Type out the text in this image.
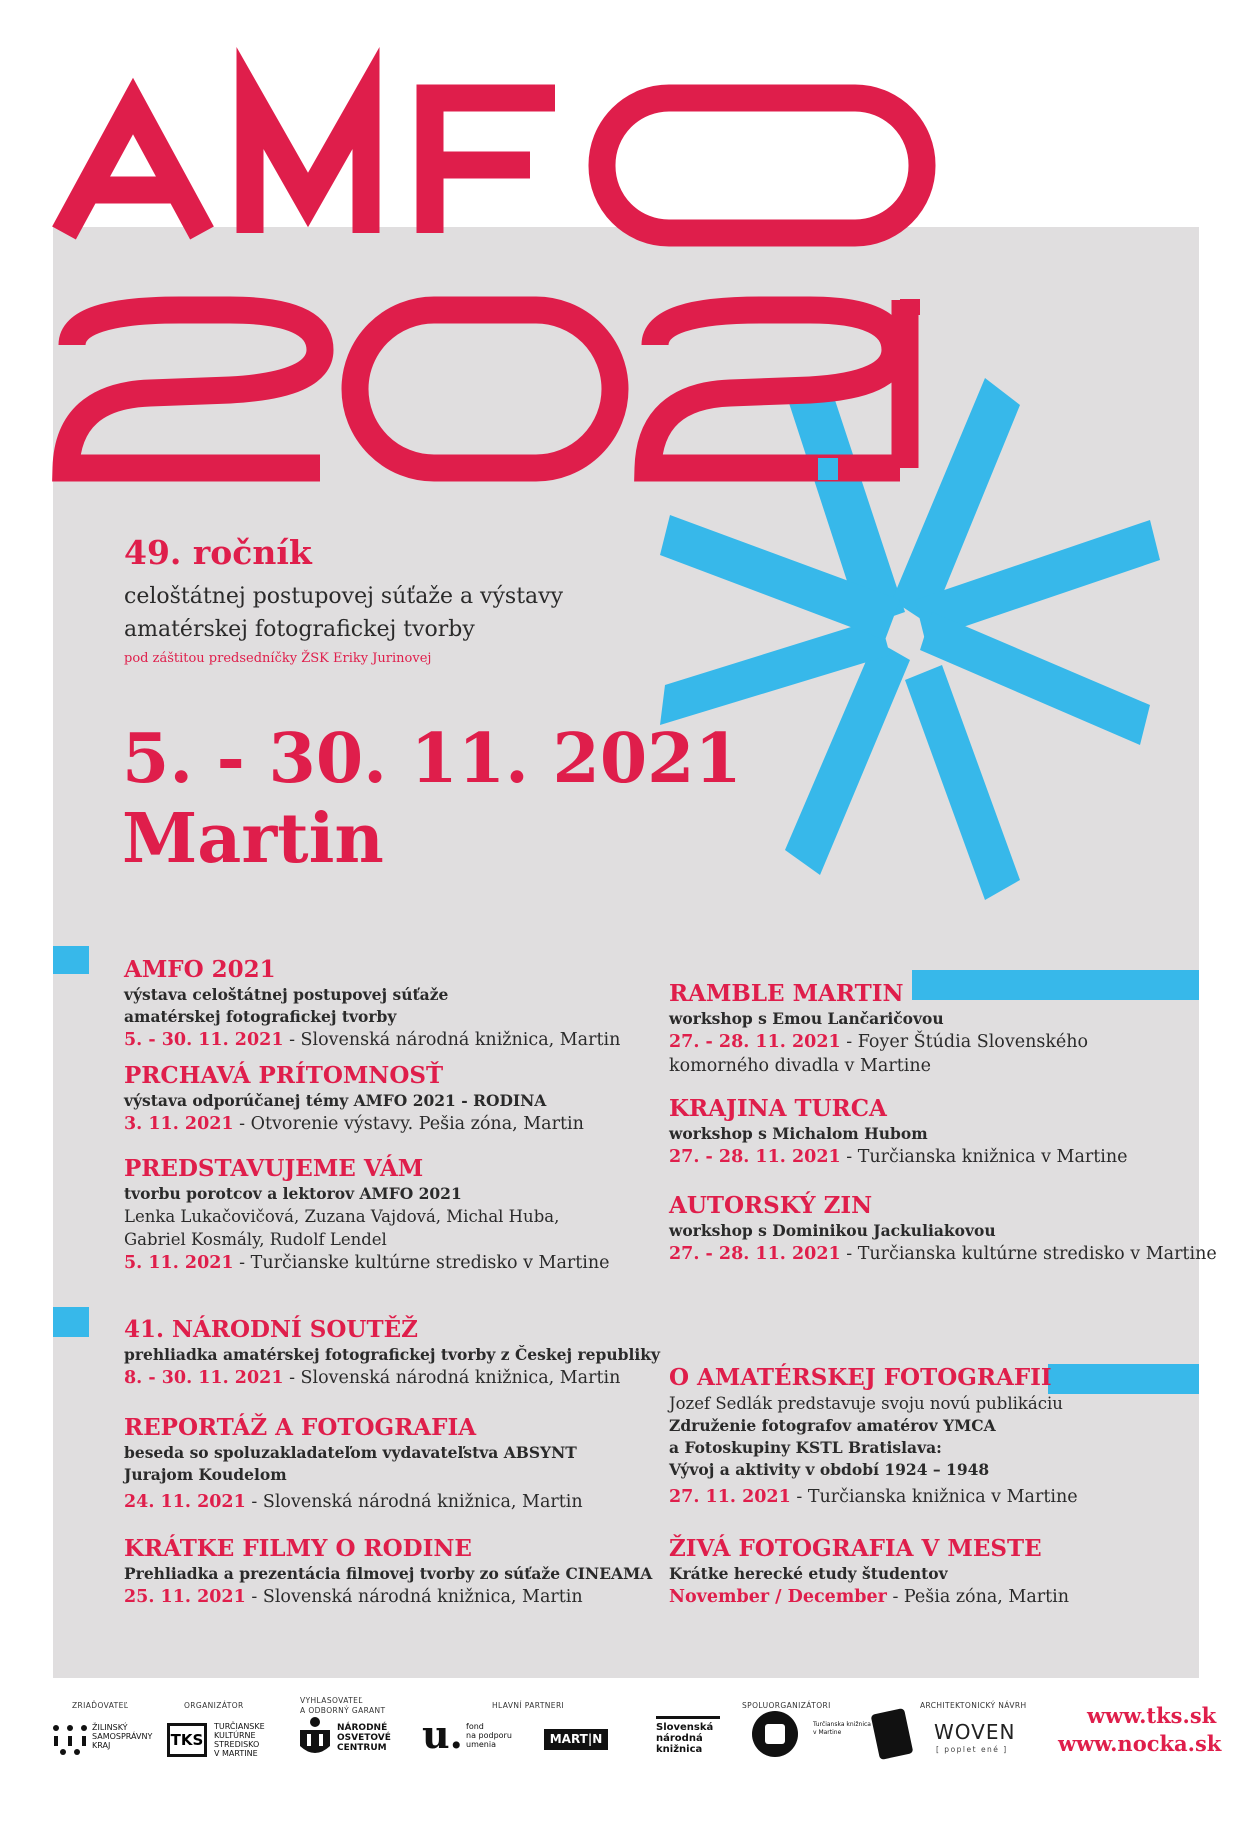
49. ročník
celoštátnej postupovej súťaže a výstavy
amatérskej fotografickej tvorby
pod záštitou predsedníčky ŽSK Eriky Jurinovej
5. - 30. 11. 2021
Martin
AMFO 2021
výstava celoštátnej postupovej súťaže
amatérskej fotografickej tvorby
5. - 30. 11. 2021 - Slovenská národná knižnica, Martin
PRCHAVÁ PRÍTOMNOSŤ
výstava odporúčanej témy AMFO 2021 - RODINA
3. 11. 2021 - Otvorenie výstavy. Pešia zóna, Martin
PREDSTAVUJEME VÁM
tvorbu porotcov a lektorov AMFO 2021
Lenka Lukačovičová, Zuzana Vajdová, Michal Huba,
Gabriel Kosmály, Rudolf Lendel
5. 11. 2021 - Turčianske kultúrne stredisko v Martine
RAMBLE MARTIN
workshop s Emou Lančaričovou
27. - 28. 11. 2021 - Foyer Štúdia Slovenského
komorného divadla v Martine
KRAJINA TURCA
workshop s Michalom Hubom
27. - 28. 11. 2021 - Turčianska knižnica v Martine
AUTORSKÝ ZIN
workshop s Dominikou Jackuliakovou
27. - 28. 11. 2021 - Turčianska kultúrne stredisko v Martine
41. NÁRODNÍ SOUTĚŽ
prehliadka amatérskej fotografickej tvorby z Českej republiky
8. - 30. 11. 2021 - Slovenská národná knižnica, Martin
REPORTÁŽ A FOTOGRAFIA
beseda so spoluzakladateľom vydavateľstva ABSYNT
Jurajom Koudelom
24. 11. 2021 - Slovenská národná knižnica, Martin
KRÁTKE FILMY O RODINE
Prehliadka a prezentácia filmovej tvorby zo súťaže CINEAMA
25. 11. 2021 - Slovenská národná knižnica, Martin
O AMATÉRSKEJ FOTOGRAFII
Jozef Sedlák predstavuje svoju novú publikáciu
Združenie fotografov amatérov YMCA
a Fotoskupiny KSTL Bratislava:
Vývoj a aktivity v období 1924 – 1948
27. 11. 2021 - Turčianska knižnica v Martine
ŽIVÁ FOTOGRAFIA V MESTE
Krátke herecké etudy študentov
November / December - Pešia zóna, Martin
ZRIAĎOVATEĽ	ORGANIZÁTOR
VYHLASOVATEĽ
A ODBORNÝ GARANT
HLAVNÍ PARTNERI	SPOLUORGANIZÁTORI	ARCHITEKTONICKÝ NÁVRH
ŽILINSKÝ
SAMOSPRÁVNY
KRAJ	TKS
TURČIANSKE
KULTÚRNE
STREDISKO
V MARTINE
NÁRODNÉ
OSVETOVÉ
CENTRUM u. fond
na podporu
umenia	MART|N
Slovenská
národná
knižnica
Turčianska knižnica
v Martine	WOVEN
[ poplet ené ]
www.tks.sk
www.nocka.sk
